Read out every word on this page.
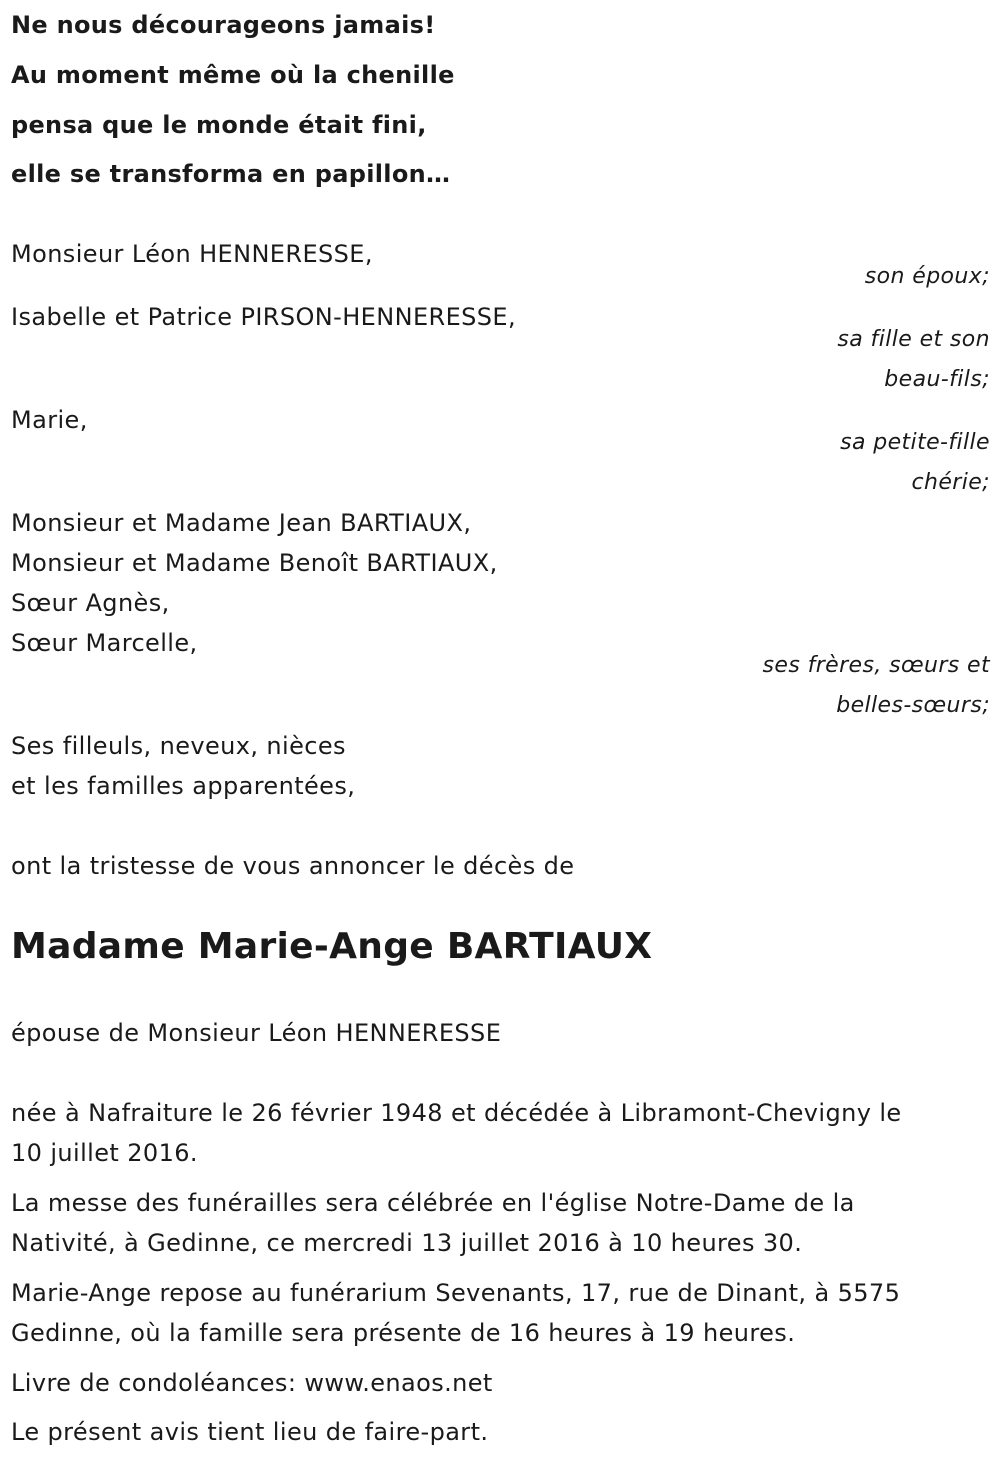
Ne nous décourageons jamais!
Au moment même où la chenille
pensa que le monde était fini,
elle se transforma en papillon…
Monsieur Léon HENNERESSE,
son époux;
Isabelle et Patrice PIRSON-HENNERESSE,
sa fille et son
beau-fils;
Marie,
sa petite-fille
chérie;
Monsieur et Madame Jean BARTIAUX,
Monsieur et Madame Benoît BARTIAUX,
Sœur Agnès,
Sœur Marcelle,
ses frères, sœurs et
belles-sœurs;
Ses filleuls, neveux, nièces
et les familles apparentées,
ont la tristesse de vous annoncer le décès de
Madame Marie-Ange BARTIAUX
épouse de Monsieur Léon HENNERESSE
née à Nafraiture le 26 février 1948 et décédée à Libramont-Chevigny le
10 juillet 2016.
La messe des funérailles sera célébrée en l'église Notre-Dame de la
Nativité, à Gedinne, ce mercredi 13 juillet 2016 à 10 heures 30.
Marie-Ange repose au funérarium Sevenants, 17, rue de Dinant, à 5575
Gedinne, où la famille sera présente de 16 heures à 19 heures.
Livre de condoléances: www.enaos.net
Le présent avis tient lieu de faire-part.
